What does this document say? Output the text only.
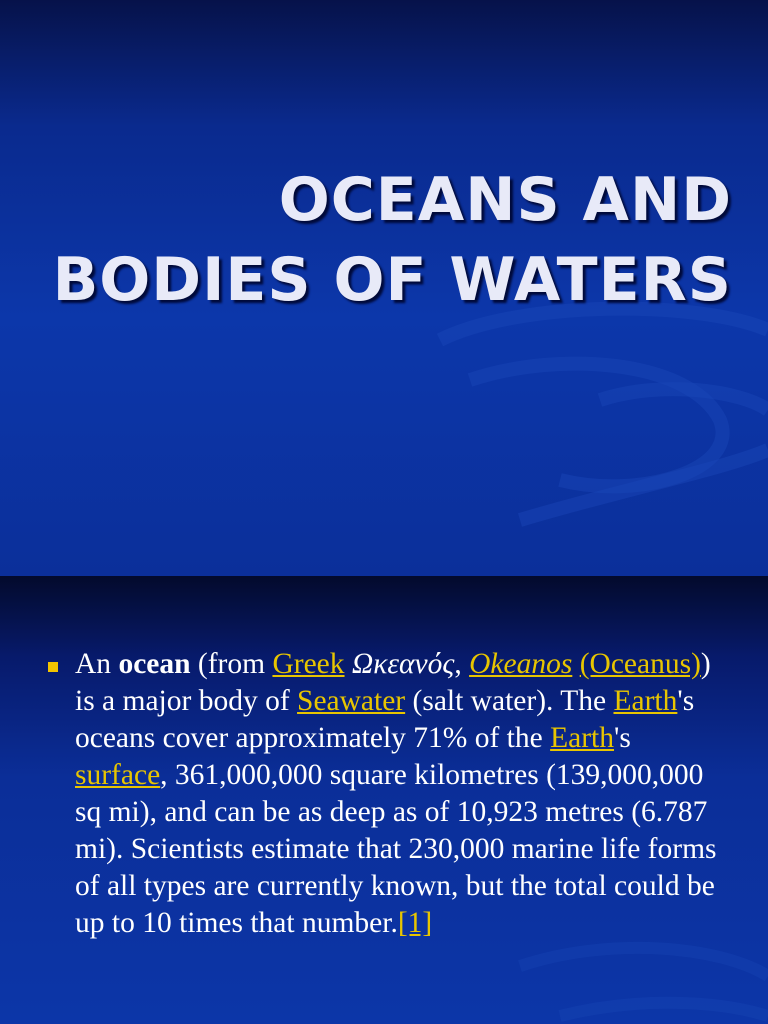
OCEANS AND
BODIES OF WATERS

An ocean (from Greek Ωκεανός, Okeanos (Oceanus)) is a major body of Seawater (salt water). The Earth's oceans cover approximately 71% of the Earth's surface, 361,000,000 square kilometres (139,000,000 sq mi), and can be as deep as of 10,923 metres (6.787 mi). Scientists estimate that 230,000 marine life forms of all types are currently known, but the total could be up to 10 times that number.[1]
